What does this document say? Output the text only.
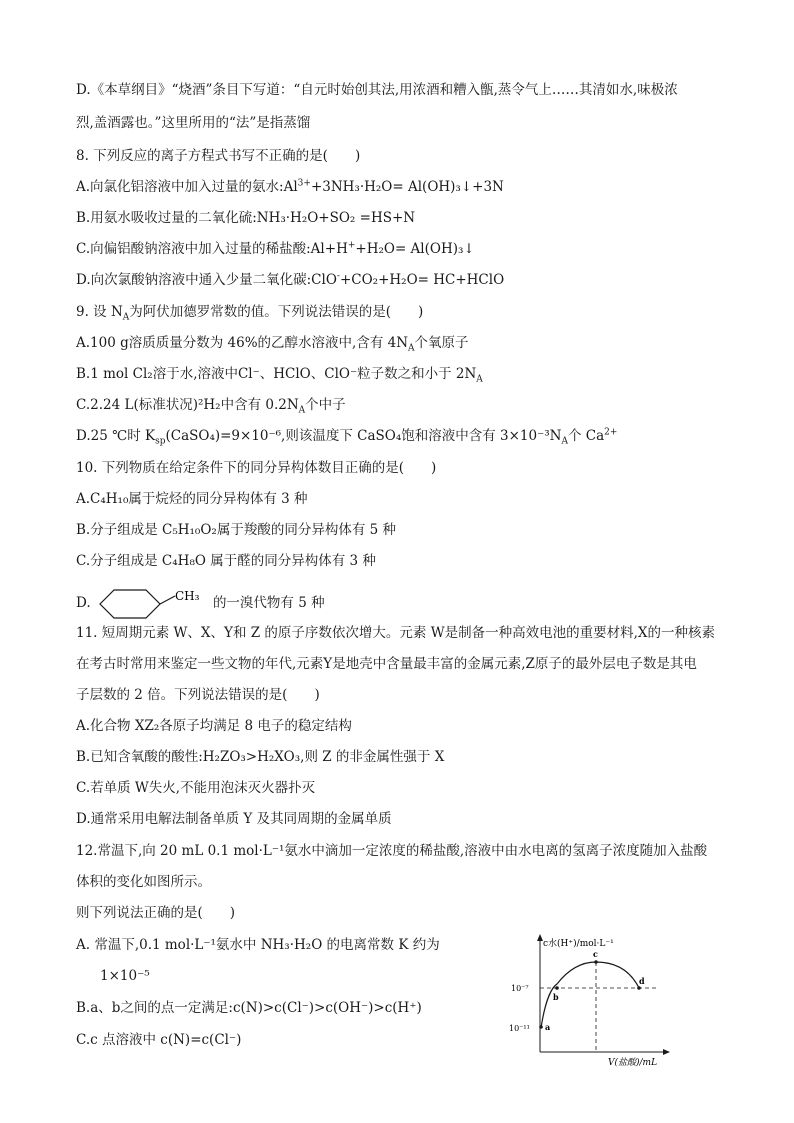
D.《本草纲目》“烧酒”条目下写道：“自元时始创其法,用浓酒和糟入甑,蒸令气上……其清如水,味极浓
烈,盖酒露也。”这里所用的“法”是指蒸馏
8. 下列反应的离子方程式书写不正确的是(　　)
A.向氯化铝溶液中加入过量的氨水$:Al^{3+}+3NH_3\cdot H_2O=$ Al(OH)₃↓+3N
B.用氨水吸收过量的二氧化硫:NH₃·H₂O+SO₂ =HS+N
C.向偏铝酸钠溶液中加入过量的稀盐酸:Al+H++H₂O= Al(OH)₃↓
D.向次氯酸钠溶液中通入少量二氧化碳:ClO-+CO₂+H₂O= HC+HClO
9. 设 $N_A$为阿伏加德罗常数的值。下列说法错误的是(　　)
A.100 g溶质质量分数为 46%的乙醇水溶液中,含有 $4N_A$个氧原子
B.1 mol Cl₂溶于水,溶液中Cl⁻、HClO、ClO⁻粒子数之和小于 $2N_A$
C.2.24 L(标准状况)²H₂中含有 $0.2N_A$个中子
D.25 ℃时 $K_{sp}(CaSO_4)=9\times 10^{-6}$,则该温度下 CaSO₄饱和溶液中含有 $3\times 10^{-3}N_A$个 $Ca^{2+}$
10. 下列物质在给定条件下的同分异构体数目正确的是(　　)
A.C₄H₁₀属于烷烃的同分异构体有 3 种
B.分子组成是 C₅H₁₀O₂属于羧酸的同分异构体有 5 种
C.分子组成是 C₄H₈O 属于醛的同分异构体有 3 种
D.	CH₃ 的一溴代物有 5 种
11. 短周期元素 W、X、Y和 Z 的原子序数依次增大。元素 W是制备一种高效电池的重要材料,X的一种核素
在考古时常用来鉴定一些文物的年代,元素Y是地壳中含量最丰富的金属元素,Z原子的最外层电子数是其电
子层数的 2 倍。下列说法错误的是(　　)
A.化合物 XZ₂各原子均满足 8 电子的稳定结构
B.已知含氧酸的酸性:H₂ZO₃>H₂XO₃,则 Z 的非金属性强于 X
C.若单质 W失火,不能用泡沫灭火器扑灭
D.通常采用电解法制备单质 Y 及其同周期的金属单质
12.常温下,向 20 mL 0.1 mol·L⁻¹氨水中滴加一定浓度的稀盐酸,溶液中由水电离的氢离子浓度随加入盐酸
体积的变化如图所示。
则下列说法正确的是(　　)
A. 常温下,0.1 mol·L⁻¹氨水中 NH₃·H₂O 的电离常数 K 约为
1×10⁻⁵
B.a、b之间的点一定满足:c(N)>c(Cl⁻)>c(OH⁻)>c(H⁺)
C.c 点溶液中 c(N)=c(Cl⁻)
c水(H⁺)/mol·L⁻¹
V(盐酸)/mL
10⁻⁷
10⁻¹¹ a
b
c
d
